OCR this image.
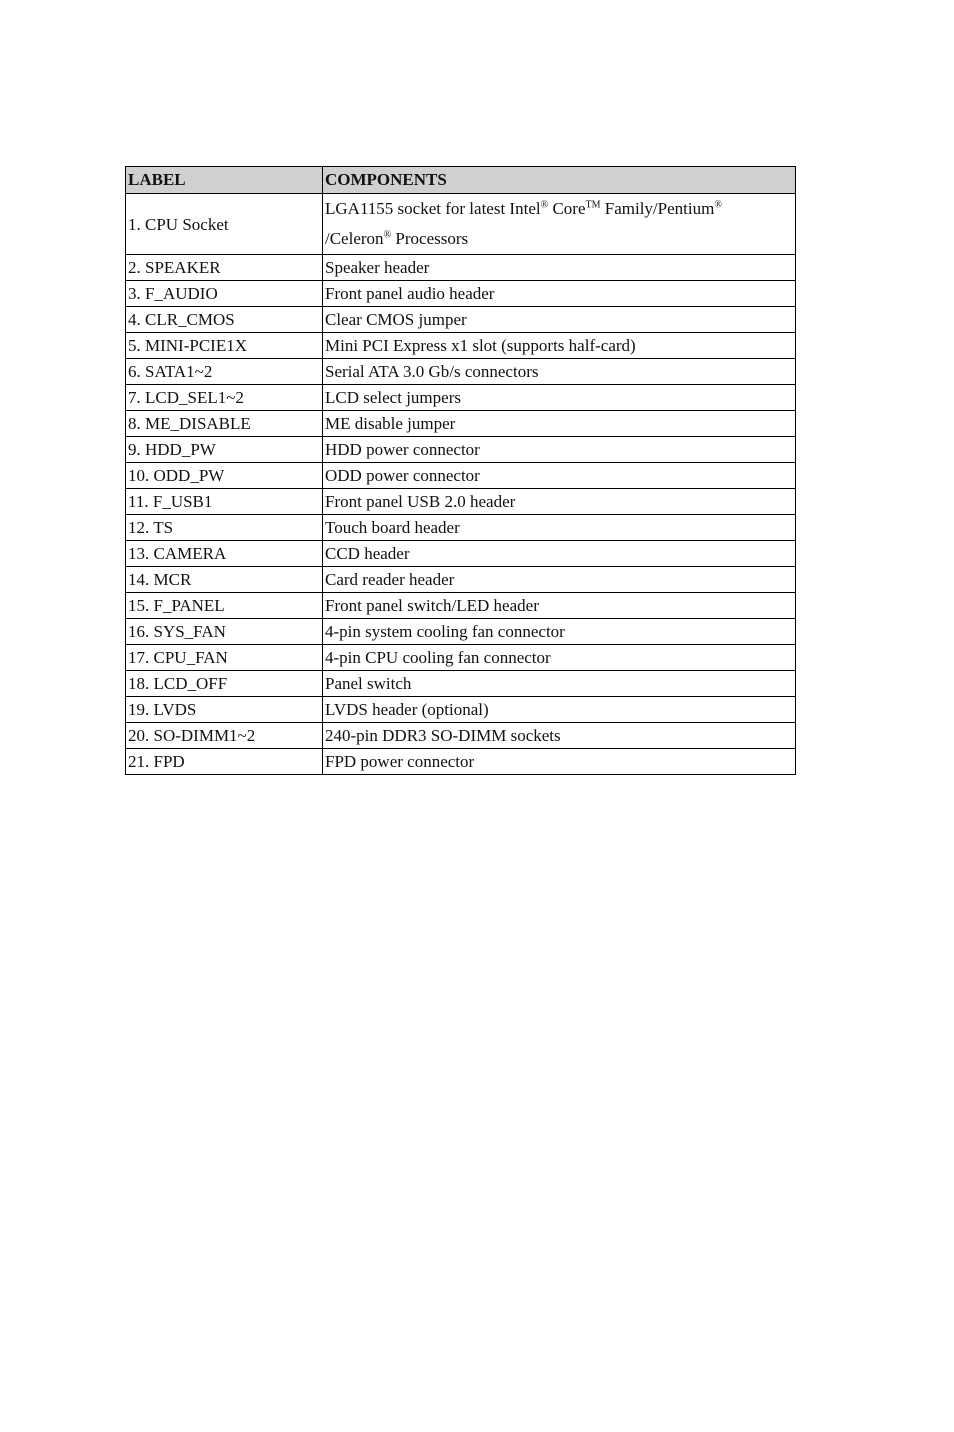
LABEL	COMPONENTS
1. CPU Socket	LGA1155 socket for latest Intel® Core™ Family/Pentium®
/Celeron® Processors
2. SPEAKER	Speaker header
3. F_AUDIO	Front panel audio header
4. CLR_CMOS	Clear CMOS jumper
5. MINI-PCIE1X	Mini PCI Express x1 slot (supports half-card)
6. SATA1~2	Serial ATA 3.0 Gb/s connectors
7. LCD_SEL1~2	LCD select jumpers
8. ME_DISABLE	ME disable jumper
9. HDD_PW	HDD power connector
10. ODD_PW	ODD power connector
11. F_USB1	Front panel USB 2.0 header
12. TS	Touch board header
13. CAMERA	CCD header
14. MCR	Card reader header
15. F_PANEL	Front panel switch/LED header
16. SYS_FAN	4-pin system cooling fan connector
17. CPU_FAN	4-pin CPU cooling fan connector
18. LCD_OFF	Panel switch
19. LVDS	LVDS header (optional)
20. SO-DIMM1~2	240-pin DDR3 SO-DIMM sockets
21. FPD	FPD power connector
